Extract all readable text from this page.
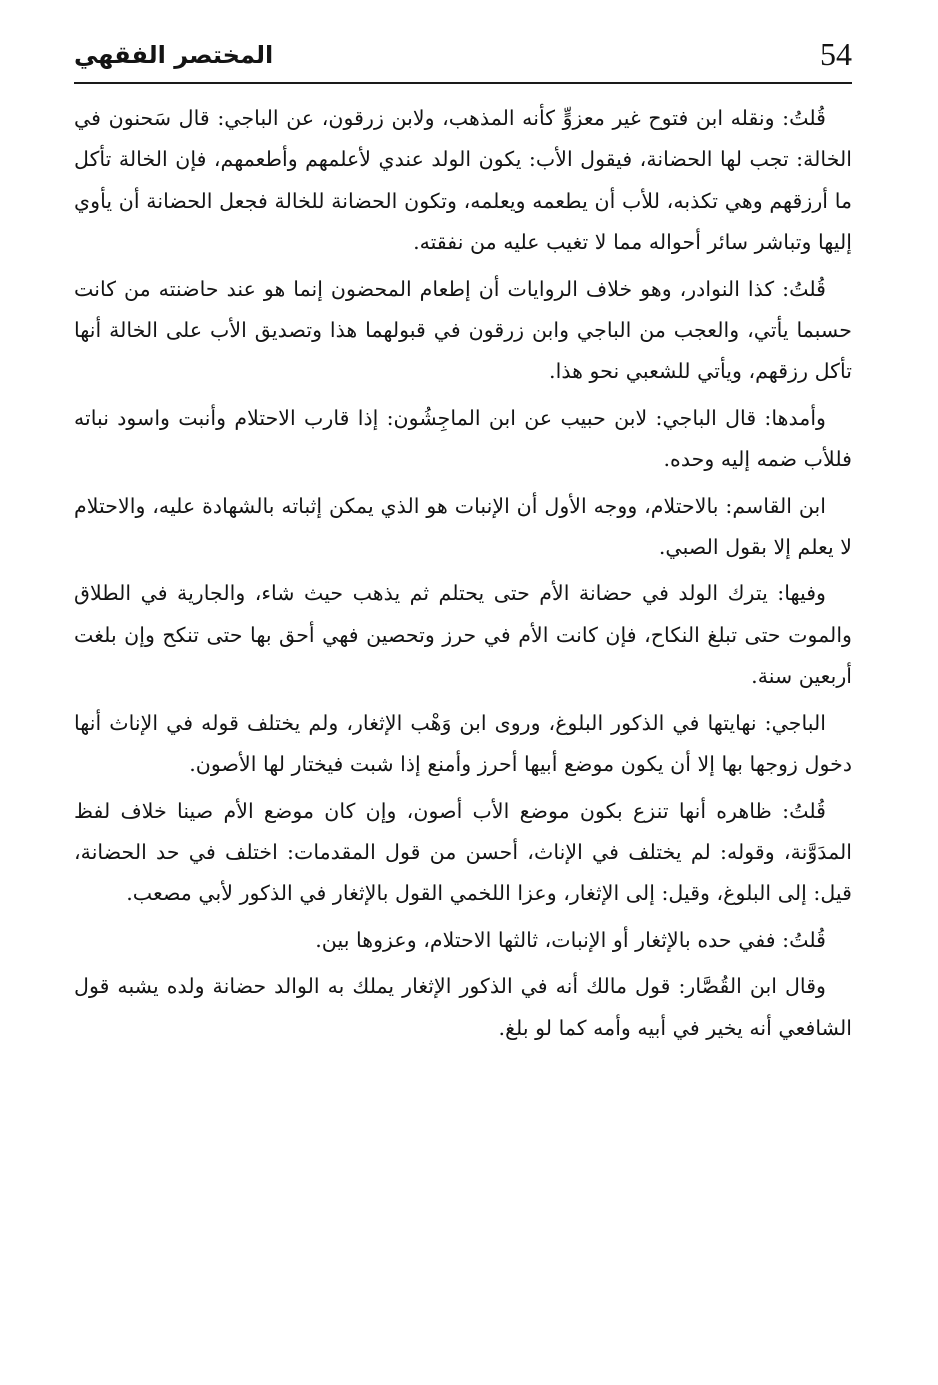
54
المختصر الفقهي

قُلتُ: ونقله ابن فتوح غير معزوٍّ كأنه المذهب، ولابن زرقون، عن الباجي: قال سَحنون في الخالة: تجب لها الحضانة، فيقول الأب: يكون الولد عندي لأعلمهم وأطعمهم، فإن الخالة تأكل ما أرزقهم وهي تكذبه، للأب أن يطعمه ويعلمه، وتكون الحضانة للخالة فجعل الحضانة أن يأوي إليها وتباشر سائر أحواله مما لا تغيب عليه من نفقته.

قُلتُ: كذا النوادر، وهو خلاف الروايات أن إطعام المحضون إنما هو عند حاضنته من كانت حسبما يأتي، والعجب من الباجي وابن زرقون في قبولهما هذا وتصديق الأب على الخالة أنها تأكل رزقهم، ويأتي للشعبي نحو هذا.

وأمدها: قال الباجي: لابن حبيب عن ابن الماجِشُون: إذا قارب الاحتلام وأنبت واسود نباته فللأب ضمه إليه وحده.

ابن القاسم: بالاحتلام، ووجه الأول أن الإنبات هو الذي يمكن إثباته بالشهادة عليه، والاحتلام لا يعلم إلا بقول الصبي.

وفيها: يترك الولد في حضانة الأم حتى يحتلم ثم يذهب حيث شاء، والجارية في الطلاق والموت حتى تبلغ النكاح، فإن كانت الأم في حرز وتحصين فهي أحق بها حتى تنكح وإن بلغت أربعين سنة.

الباجي: نهايتها في الذكور البلوغ، وروى ابن وَهْب الإثغار، ولم يختلف قوله في الإناث أنها دخول زوجها بها إلا أن يكون موضع أبيها أحرز وأمنع إذا شبت فيختار لها الأصون.

قُلتُ: ظاهره أنها تنزع بكون موضع الأب أصون، وإن كان موضع الأم صينا خلاف لفظ المدَوَّنة، وقوله: لم يختلف في الإناث، أحسن من قول المقدمات: اختلف في حد الحضانة، قيل: إلى البلوغ، وقيل: إلى الإثغار، وعزا اللخمي القول بالإثغار في الذكور لأبي مصعب.

قُلتُ: ففي حده بالإثغار أو الإنبات، ثالثها الاحتلام، وعزوها بين.

وقال ابن القُصَّار: قول مالك أنه في الذكور الإثغار يملك به الوالد حضانة ولده يشبه قول الشافعي أنه يخير في أبيه وأمه كما لو بلغ.
